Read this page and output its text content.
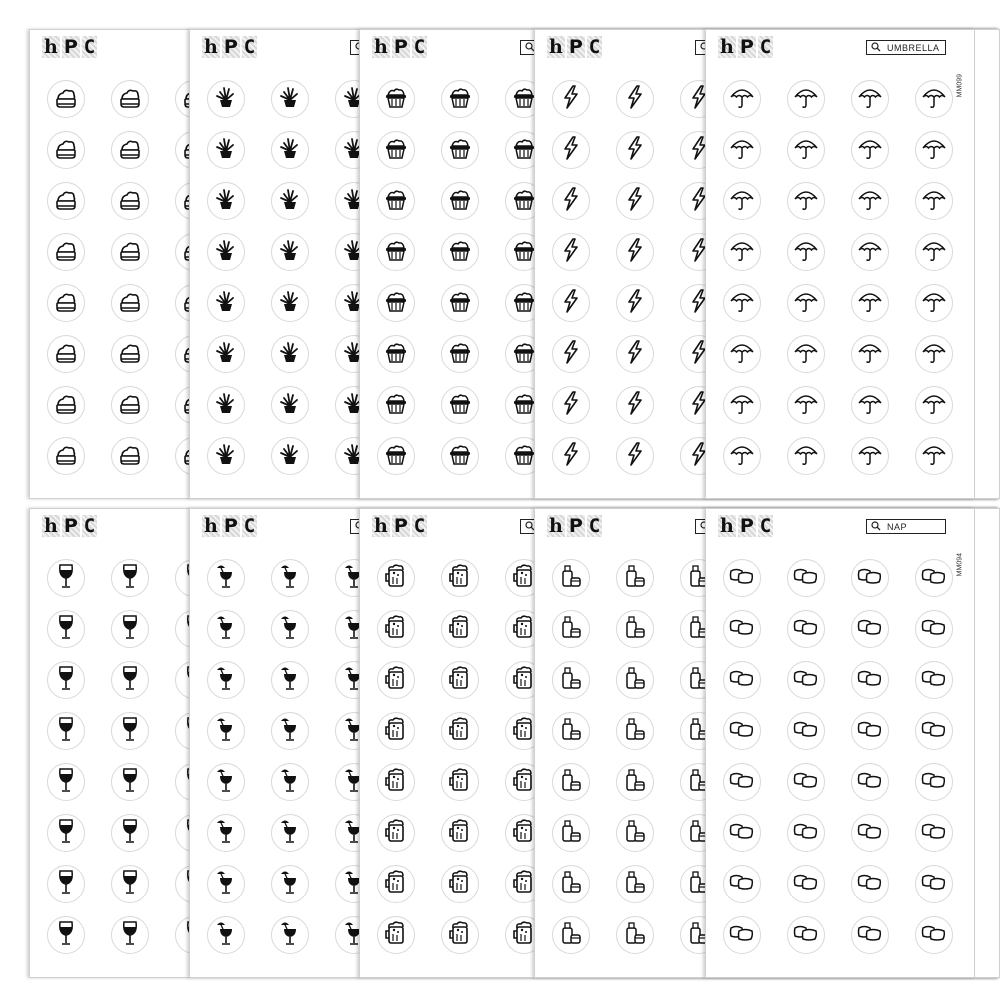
h P C	h P C	h P C	h P C	h P C
MM099
UMBRELLA
h P C	h P C	h P C	h P C	h P C
MM094
NAP
